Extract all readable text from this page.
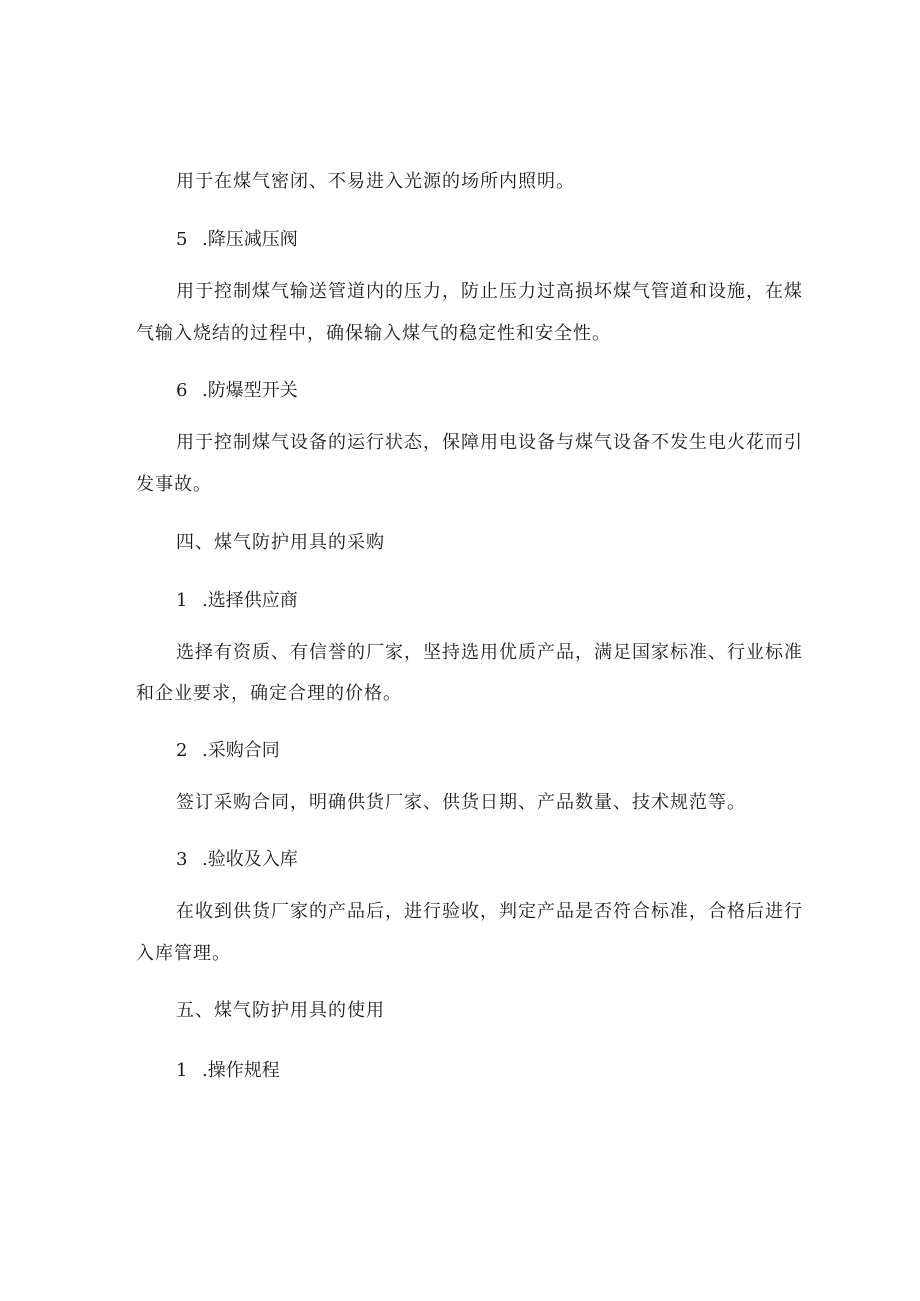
用于在煤气密闭、不易进入光源的场所内照明。
5 .降压减压阀
用于控制煤气输送管道内的压力，防止压力过高损坏煤气管道和设施，在煤
气输入烧结的过程中，确保输入煤气的稳定性和安全性。
6 .防爆型开关
用于控制煤气设备的运行状态，保障用电设备与煤气设备不发生电火花而引
发事故。
四、煤气防护用具的采购
1 .选择供应商
选择有资质、有信誉的厂家，坚持选用优质产品，满足国家标准、行业标准
和企业要求，确定合理的价格。
2 .采购合同
签订采购合同，明确供货厂家、供货日期、产品数量、技术规范等。
3 .验收及入库
在收到供货厂家的产品后，进行验收，判定产品是否符合标准，合格后进行
入库管理。
五、煤气防护用具的使用
1 .操作规程
